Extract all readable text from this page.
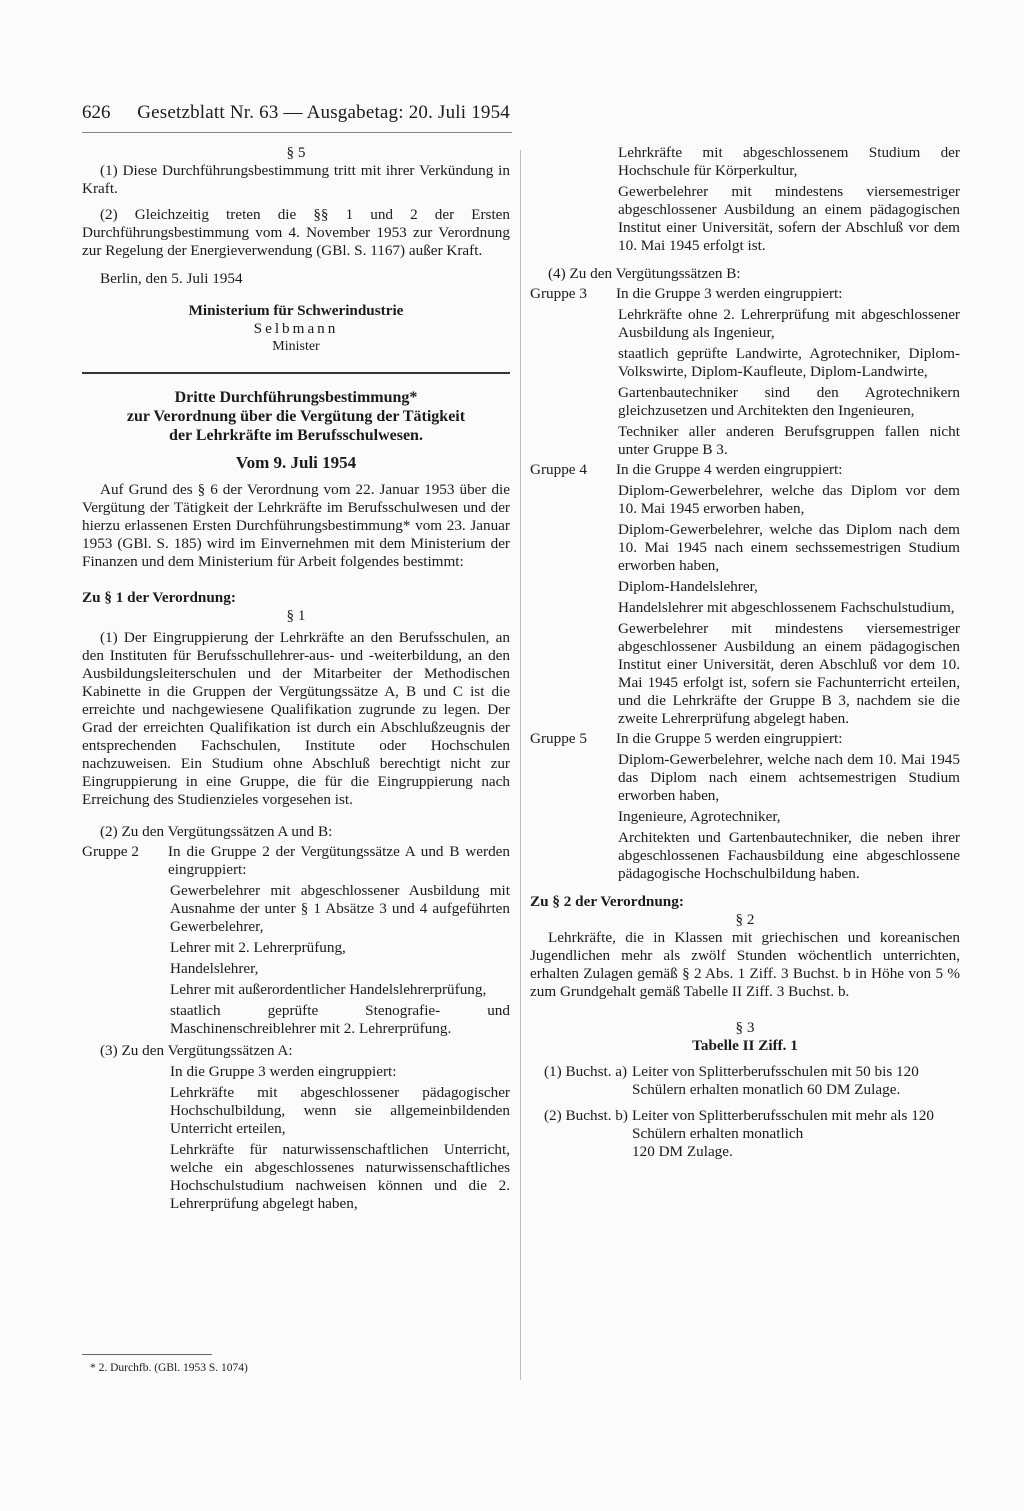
626 Gesetzblatt Nr. 63 — Ausgabetag: 20. Juli 1954

§ 5

(1) Diese Durchführungsbestimmung tritt mit ihrer Verkündung in Kraft.

(2) Gleichzeitig treten die §§ 1 und 2 der Ersten Durchführungsbestimmung vom 4. November 1953 zur Verordnung zur Regelung der Energieverwendung (GBl. S. 1167) außer Kraft.

Berlin, den 5. Juli 1954

Ministerium für Schwerindustrie

Selbmann

Minister

Dritte Durchführungsbestimmung*

zur Verordnung über die Vergütung der Tätigkeit

der Lehrkräfte im Berufsschulwesen.

Vom 9. Juli 1954

Auf Grund des § 6 der Verordnung vom 22. Januar 1953 über die Vergütung der Tätigkeit der Lehrkräfte im Berufsschulwesen und der hierzu erlassenen Ersten Durchführungsbestimmung* vom 23. Januar 1953 (GBl. S. 185) wird im Einvernehmen mit dem Ministerium der Finanzen und dem Ministerium für Arbeit folgendes bestimmt:

Zu § 1 der Verordnung:

§ 1

(1) Der Eingruppierung der Lehrkräfte an den Berufsschulen, an den Instituten für Berufsschullehrer-aus- und -weiterbildung, an den Ausbildungsleiterschulen und der Mitarbeiter der Methodischen Kabinette in die Gruppen der Vergütungssätze A, B und C ist die erreichte und nachgewiesene Qualifikation zugrunde zu legen. Der Grad der erreichten Qualifikation ist durch ein Abschlußzeugnis der entsprechenden Fachschulen, Institute oder Hochschulen nachzuweisen. Ein Studium ohne Abschluß berechtigt nicht zur Eingruppierung in eine Gruppe, die für die Eingruppierung nach Erreichung des Studienzieles vorgesehen ist.

(2) Zu den Vergütungssätzen A und B:

Gruppe 2	In die Gruppe 2 der Vergütungssätze A und B werden eingruppiert:

Gewerbelehrer mit abgeschlossener Ausbildung mit Ausnahme der unter § 1 Absätze 3 und 4 aufgeführten Gewerbelehrer,

Lehrer mit 2. Lehrerprüfung,

Handelslehrer,

Lehrer mit außerordentlicher Handelslehrerprüfung,

staatlich geprüfte Stenografie- und Maschinenschreiblehrer mit 2. Lehrerprüfung.

(3) Zu den Vergütungssätzen A:

In die Gruppe 3 werden eingruppiert:

Lehrkräfte mit abgeschlossener pädagogischer Hochschulbildung, wenn sie allgemeinbildenden Unterricht erteilen,

Lehrkräfte für naturwissenschaftlichen Unterricht, welche ein abgeschlossenes naturwissenschaftliches Hochschulstudium nachweisen können und die 2. Lehrerprüfung abgelegt haben,

* 2. Durchfb. (GBl. 1953 S. 1074)

Lehrkräfte mit abgeschlossenem Studium der Hochschule für Körperkultur,

Gewerbelehrer mit mindestens viersemestriger abgeschlossener Ausbildung an einem pädagogischen Institut einer Universität, sofern der Abschluß vor dem 10. Mai 1945 erfolgt ist.

(4) Zu den Vergütungssätzen B:

Gruppe 3	In die Gruppe 3 werden eingruppiert:

Lehrkräfte ohne 2. Lehrerprüfung mit abgeschlossener Ausbildung als Ingenieur,

staatlich geprüfte Landwirte, Agrotechniker, Diplom-Volkswirte, Diplom-Kaufleute, Diplom-Landwirte,

Gartenbautechniker sind den Agrotechnikern gleichzusetzen und Architekten den Ingenieuren,

Techniker aller anderen Berufsgruppen fallen nicht unter Gruppe B 3.

Gruppe 4	In die Gruppe 4 werden eingruppiert:

Diplom-Gewerbelehrer, welche das Diplom vor dem 10. Mai 1945 erworben haben,

Diplom-Gewerbelehrer, welche das Diplom nach dem 10. Mai 1945 nach einem sechssemestrigen Studium erworben haben,

Diplom-Handelslehrer,

Handelslehrer mit abgeschlossenem Fachschulstudium,

Gewerbelehrer mit mindestens viersemestriger abgeschlossener Ausbildung an einem pädagogischen Institut einer Universität, deren Abschluß vor dem 10. Mai 1945 erfolgt ist, sofern sie Fachunterricht erteilen, und die Lehrkräfte der Gruppe B 3, nachdem sie die zweite Lehrerprüfung abgelegt haben.

Gruppe 5	In die Gruppe 5 werden eingruppiert:

Diplom-Gewerbelehrer, welche nach dem 10. Mai 1945 das Diplom nach einem achtsemestrigen Studium erworben haben,

Ingenieure, Agrotechniker,

Architekten und Gartenbautechniker, die neben ihrer abgeschlossenen Fachausbildung eine abgeschlossene pädagogische Hochschulbildung haben.

Zu § 2 der Verordnung:

§ 2

Lehrkräfte, die in Klassen mit griechischen und koreanischen Jugendlichen mehr als zwölf Stunden wöchentlich unterrichten, erhalten Zulagen gemäß § 2 Abs. 1 Ziff. 3 Buchst. b in Höhe von 5 % zum Grundgehalt gemäß Tabelle II Ziff. 3 Buchst. b.

§ 3

Tabelle II Ziff. 1

(1) Buchst. a) Leiter von Splitterberufsschulen mit 50 bis 120 Schülern erhalten monatlich 60 DM Zulage.
(2) Buchst. b) Leiter von Splitterberufsschulen mit mehr als 120 Schülern erhalten monatlich
120 DM Zulage.
